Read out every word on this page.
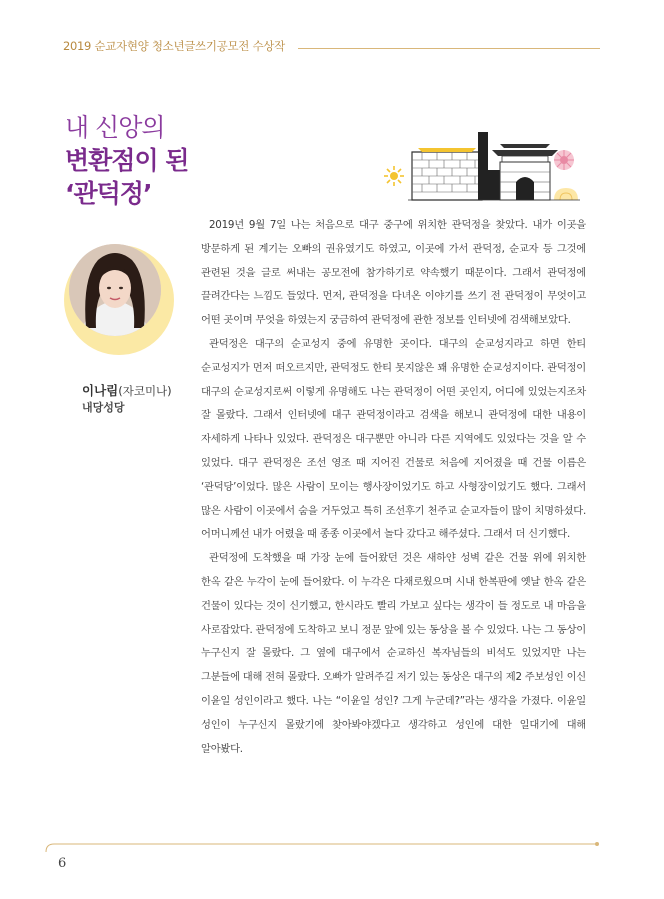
2019 순교자현양 청소년글쓰기공모전 수상작
내 신앙의
변환점이 된
‘관덕정’
이나림(자코미나)
내당성당

2019년 9월 7일 나는 처음으로 대구 중구에 위치한 관덕정을 찾았다. 내가 이곳을 방문하게 된 계기는 오빠의 권유였기도 하였고, 이곳에 가서 관덕정, 순교자 등 그것에 관련된 것을 글로 써내는 공모전에 참가하기로 약속했기 때문이다. 그래서 관덕정에 끌려간다는 느낌도 들었다. 먼저, 관덕정을 다녀온 이야기를 쓰기 전 관덕정이 무엇이고 어떤 곳이며 무엇을 하였는지 궁금하여 관덕정에 관한 정보를 인터넷에 검색해보았다.

관덕정은 대구의 순교성지 중에 유명한 곳이다. 대구의 순교성지라고 하면 한티 순교성지가 먼저 떠오르지만, 관덕정도 한티 못지않은 꽤 유명한 순교성지이다. 관덕정이 대구의 순교성지로써 이렇게 유명해도 나는 관덕정이 어떤 곳인지, 어디에 있었는지조차 잘 몰랐다. 그래서 인터넷에 대구 관덕정이라고 검색을 해보니 관덕정에 대한 내용이 자세하게 나타나 있었다. 관덕정은 대구뿐만 아니라 다른 지역에도 있었다는 것을 알 수 있었다. 대구 관덕정은 조선 영조 때 지어진 건물로 처음에 지어졌을 때 건물 이름은 ‘관덕당’이었다. 많은 사람이 모이는 행사장이었기도 하고 사형장이었기도 했다. 그래서 많은 사람이 이곳에서 숨을 거두었고 특히 조선후기 천주교 순교자들이 많이 치명하셨다. 어머니께선 내가 어렸을 때 종종 이곳에서 놀다 갔다고 해주셨다. 그래서 더 신기했다.

관덕정에 도착했을 때 가장 눈에 들어왔던 것은 새하얀 성벽 같은 건물 위에 위치한 한옥 같은 누각이 눈에 들어왔다. 이 누각은 다채로웠으며 시내 한복판에 옛날 한옥 같은 건물이 있다는 것이 신기했고, 한시라도 빨리 가보고 싶다는 생각이 들 정도로 내 마음을 사로잡았다. 관덕정에 도착하고 보니 정문 앞에 있는 동상을 볼 수 있었다. 나는 그 동상이 누구신지 잘 몰랐다. 그 옆에 대구에서 순교하신 복자님들의 비석도 있었지만 나는 그분들에 대해 전혀 몰랐다. 오빠가 알려주길 저기 있는 동상은 대구의 제2 주보성인 이신 이윤일 성인이라고 했다. 나는 “이윤일 성인? 그게 누군데?”라는 생각을 가졌다. 이윤일 성인이 누구신지 몰랐기에 찾아봐야겠다고 생각하고 성인에 대한 일대기에 대해 알아봤다.

6
